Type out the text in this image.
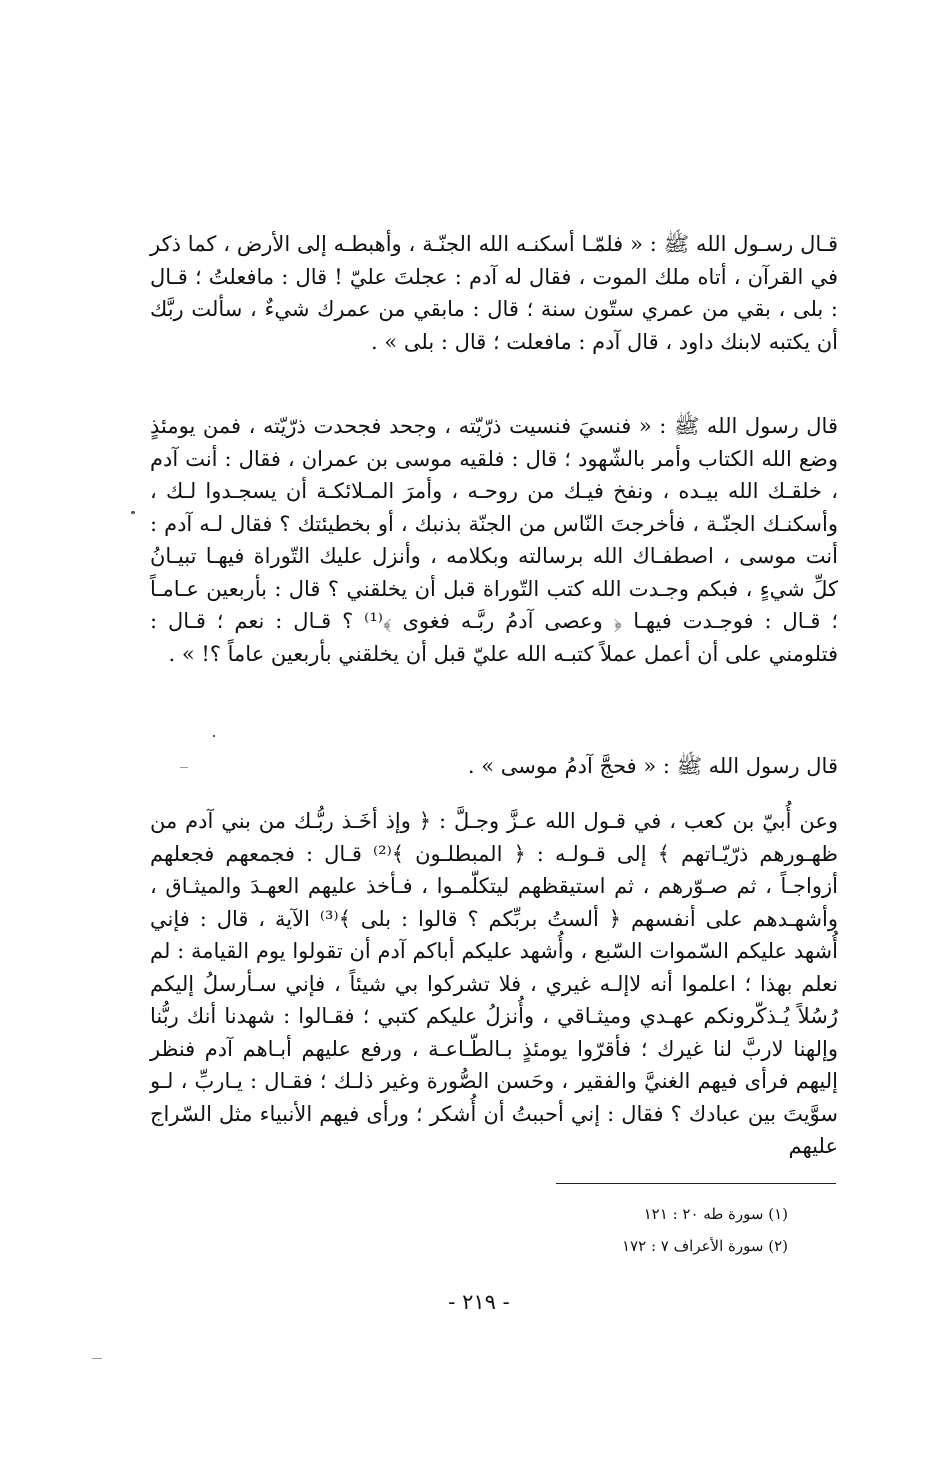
قـال رسـول الله ﷺ : « فلمّـا أسكنـه الله الجنّـة ، وأهبطـه إلى الأرض ، كما ذكر في القرآن ، أتاه ملك الموت ، فقال له آدم : عجلتَ عليّ ! قال : مافعلتُ ؛ قـال : بلى ، بقي من عمري ستّون سنة ؛ قال : مابقي من عمرك شيءٌ ، سألت ربَّك أن يكتبه لابنك داود ، قال آدم : مافعلت ؛ قال : بلى » .

قال رسول الله ﷺ : « فنسيَ فنسيت ذرّيّته ، وجحد فجحدت ذرّيّته ، فمن يومئذٍ وضع الله الكتاب وأمر بالشّهود ؛ قال : فلقيه موسى بن عمران ، فقال : أنت آدم ، خلقـك الله بيـده ، ونفخ فيـك من روحـه ، وأمرَ المـلائكـة أن يسجـدوا لـك ، وأسكنـك الجنّـة ، فأخرجتَ النّاس من الجنّة بذنبك ، أو بخطيئتك ؟ فقال لـه آدم : أنت موسى ، اصطفـاك الله برسالته وبكلامه ، وأنزل عليك التّوراة فيهـا تبيـانُ كلِّ شيءٍ ، فبكم وجـدت الله كتب التّوراة قبل أن يخلقني ؟ قال : بأربعين عـامـاً ؛ قـال : فوجـدت فيهـا ﴿ وعصى آدمُ ربَّـه فغوى ﴾⁽¹⁾ ؟ قـال : نعم ؛ قـال : فتلومني على أن أعمل عملاً كتبـه الله عليّ قبل أن يخلقني بأربعين عاماً ؟! » .

قال رسول الله ﷺ : « فحجَّ آدمُ موسى » .

وعن أُبيّ بن كعب ، في قـول الله عـزَّ وجـلَّ : ﴿ وإذ أخَـذ ربُّـك من بني آدم من ظهـورهم ذرّيّـاتهم ﴾ إلى قـولـه : ﴿ المبطلـون ﴾⁽²⁾ قـال : فجمعهم فجعلهم أزواجـاً ، ثم صـوّرهم ، ثم استيقظهم ليتكلّمـوا ، فـأخذ عليهم العهـدَ والميثـاق ، وأشهـدهم على أنفسهم ﴿ ألستُ بربِّكم ؟ قالوا : بلى ﴾⁽³⁾ الآية ، قال : فإني أُشهد عليكم السّموات السّبع ، وأُشهد عليكم أباكم آدم أن تقولوا يوم القيامة : لم نعلم بهذا ؛ اعلموا أنه لاإلـه غيري ، فلا تشركوا بي شيئاً ، فإني سـأرسلُ إليكم رُسُلاً يُـذكّرونكم عهـدي وميثـاقي ، وأُنزلُ عليكم كتبي ؛ فقـالوا : شهدنا أنك ربُّنا وإلهنا لاربَّ لنا غيرك ؛ فأقرّوا يومئذٍ بـالطّـاعـة ، ورفع عليهم أبـاهم آدم فنظر إليهم فرأى فيهم الغنيَّ والفقير ، وحَسن الصُّورة وغير ذلـك ؛ فقـال : يـاربِّ ، لـو سوَّيتَ بين عبادك ؟ فقال : إني أحببتُ أن أُشكر ؛ ورأى فيهم الأنبياء مثل السّراج عليهم

(١) سورة طه ٢٠ : ١٢١
(٢) سورة الأعراف ٧ : ١٧٢
- ٢١٩ -
